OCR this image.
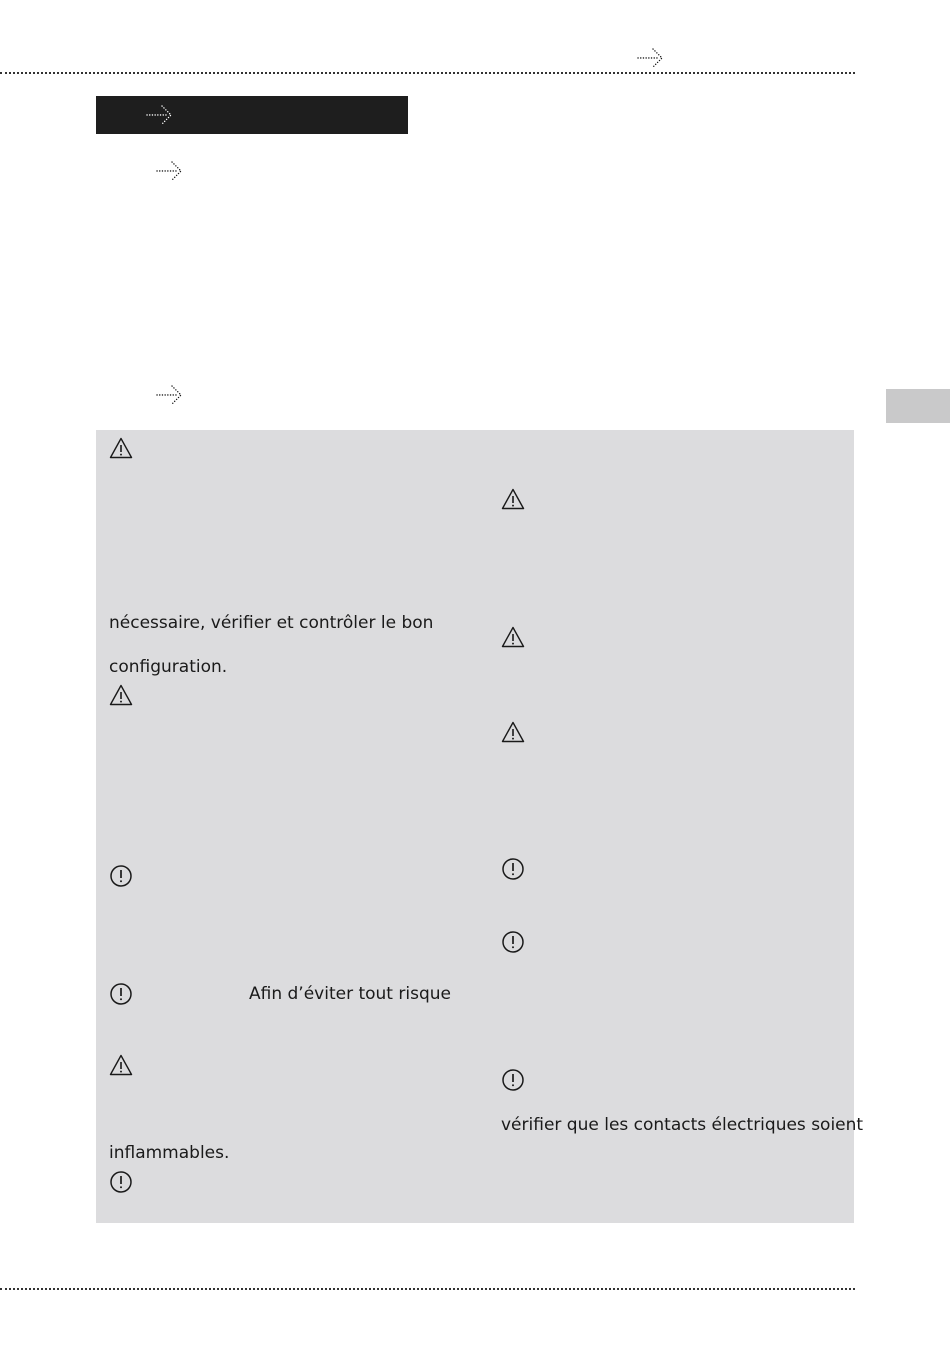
nécessaire, vérifier et contrôler le bon
configuration.
Afin d’éviter tout risque
inflammables.
vérifier que les contacts électriques soient
